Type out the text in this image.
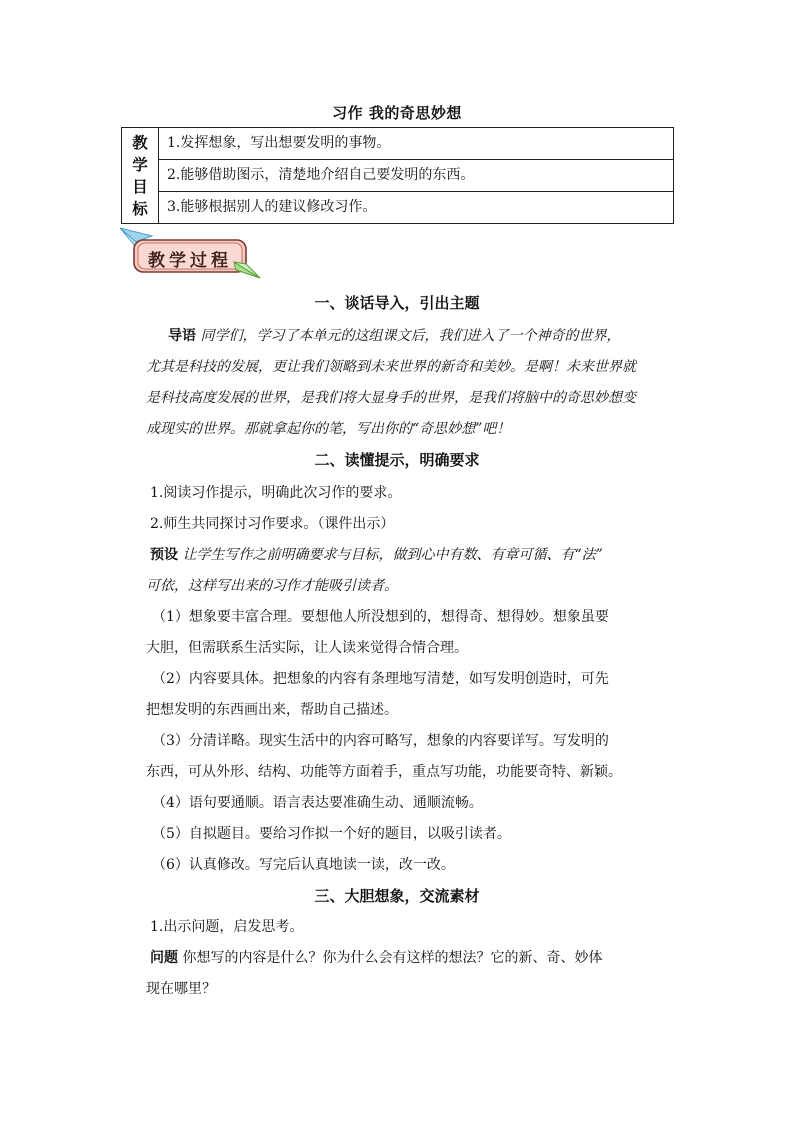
习作 我的奇思妙想
教
学
目
标

1.发挥想象，写出想要发明的事物。

2.能够借助图示，清楚地介绍自己要发明的东西。

3.能够根据别人的建议修改习作。
教学过程
一、谈话导入，引出主题
导语 同学们，学习了本单元的这组课文后，我们进入了一个神奇的世界，
尤其是科技的发展，更让我们领略到未来世界的新奇和美妙。是啊！未来世界就
是科技高度发展的世界，是我们将大显身手的世界，是我们将脑中的奇思妙想变
成现实的世界。那就拿起你的笔，写出你的“奇思妙想”吧！
二、读懂提示，明确要求
1.阅读习作提示，明确此次习作的要求。
2.师生共同探讨习作要求。（课件出示）
预设 让学生写作之前明确要求与目标，做到心中有数、有章可循、有“法”
可依，这样写出来的习作才能吸引读者。
（1）想象要丰富合理。要想他人所没想到的，想得奇、想得妙。想象虽要
大胆，但需联系生活实际，让人读来觉得合情合理。
（2）内容要具体。把想象的内容有条理地写清楚，如写发明创造时，可先
把想发明的东西画出来，帮助自己描述。
（3）分清详略。现实生活中的内容可略写，想象的内容要详写。写发明的
东西，可从外形、结构、功能等方面着手，重点写功能，功能要奇特、新颖。
（4）语句要通顺。语言表达要准确生动、通顺流畅。
（5）自拟题目。要给习作拟一个好的题目，以吸引读者。
（6）认真修改。写完后认真地读一读，改一改。
三、大胆想象，交流素材
1.出示问题，启发思考。
问题 你想写的内容是什么？你为什么会有这样的想法？它的新、奇、妙体
现在哪里？
